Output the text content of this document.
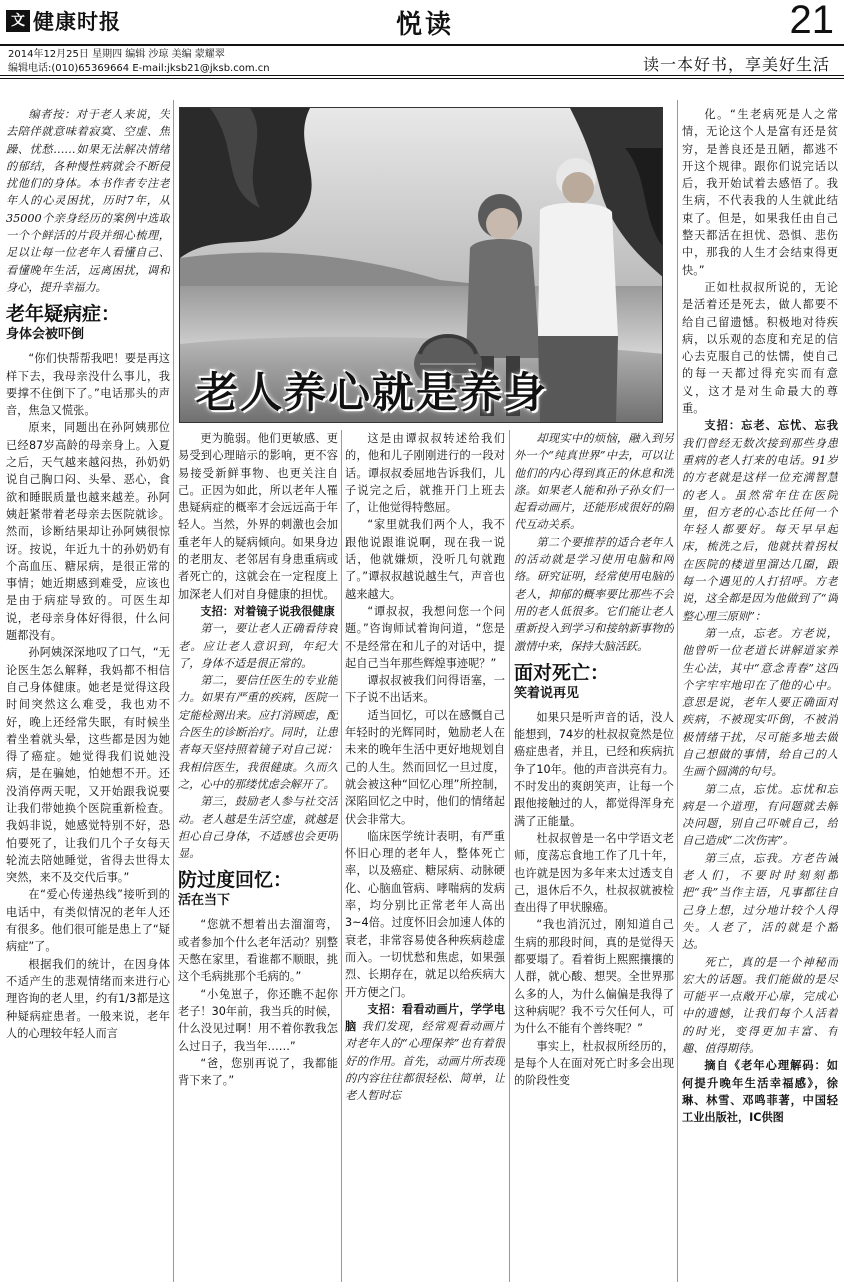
文 健康时报	悦读	21
2014年12月25日 星期四 编辑 沙琼 美编 蒙耀翠
编辑电话:(010)65369664 E-mail:jksb21@jksb.com.cn	读一本好书，享美好生活
老人养心就是养身

编者按：对于老人来说，失去陪伴就意味着寂寞、空虚、焦躁、忧愁……如果无法解决情绪的郁结，各种慢性病就会不断侵扰他们的身体。本书作者专注老年人的心灵困扰，历时7年，从35000个亲身经历的案例中选取一个个鲜活的片段并细心梳理，足以让每一位老年人看懂自己、看懂晚年生活，远离困扰，调和身心，提升幸福力。

老年疑病症：
身体会被吓倒

“你们快帮帮我吧！要是再这样下去，我母亲没什么事儿，我要撑不住倒下了。”电话那头的声音，焦急又慌张。

原来，同题出在孙阿姨那位已经87岁高龄的母亲身上。入夏之后，天气越来越闷热，孙奶奶说自己胸口闷、头晕、恶心，食欲和睡眠质量也越来越差。孙阿姨赶紧带着老母亲去医院就诊。然而，诊断结果却让孙阿姨很惊讶。按说，年近九十的孙奶奶有个高血压、糖尿病，是很正常的事情；她近期感到难受，应该也是由于病症导致的。可医生却说，老母亲身体好得很，什么问题都没有。

孙阿姨深深地叹了口气，“无论医生怎么解释，我妈都不相信自己身体健康。她老是觉得这段时间突然这么难受，我也劝不好，晚上还经常失眠，有时候坐着坐着就头晕，这些都是因为她得了癌症。她觉得我们说她没病，是在骗她，怕她想不开。还没消停两天呢，又开始跟我说要让我们带她换个医院重新检查。我妈非说，她感觉特别不好，恐怕要死了，让我们几个子女每天轮流去陪她睡觉，省得去世得太突然，来不及交代后事。”

在“爱心传递热线”接听到的电话中，有类似情况的老年人还有很多。他们很可能是患上了“疑病症”了。

根据我们的统计，在因身体不适产生的悲观情绪而来进行心理咨询的老人里，约有1/3都是这种疑病症患者。一般来说，老年人的心理较年轻人而言

更为脆弱。他们更敏感、更易受到心理暗示的影响，更不容易接受新鲜事物、也更关注自己。正因为如此，所以老年人罹患疑病症的概率才会远远高于年轻人。当然，外界的刺激也会加重老年人的疑病倾向。如果身边的老朋友、老邻居有身患重病或者死亡的，这就会在一定程度上加深老人们对自身健康的担忧。

支招：对着镜子说我很健康

第一，要让老人正确看待衰老。应让老人意识到，年纪大了，身体不适是很正常的。

第二，要信任医生的专业能力。如果有严重的疾病，医院一定能检测出来。应打消顾虑，配合医生的诊断治疗。同时，让患者每天坚持照着镜子对自己说：我相信医生，我很健康。久而久之，心中的那缕忧虑会解开了。

第三，鼓励老人参与社交活动。老人越是生活空虚，就越是担心自己身体，不适感也会更明显。

防过度回忆：
活在当下

“您就不想着出去溜溜弯，或者参加个什么老年活动？别整天憋在家里，看谁都不顺眼，挑这个毛病挑那个毛病的。”

“小兔崽子，你还瞧不起你老子！30年前，我当兵的时候，什么没见过啊！用不着你教我怎么过日子，我当年……”

“爸，您别再说了，我都能背下来了。”

这是由谭叔叔转述给我们的，他和儿子刚刚进行的一段对话。谭叔叔委屈地告诉我们，儿子说完之后，就推开门上班去了，让他觉得特憋屈。

“家里就我们两个人，我不跟他说跟谁说啊，现在我一说话，他就嫌烦，没听几句就跑了。”谭叔叔越说越生气，声音也越来越大。

“谭叔叔，我想问您一个问题。”咨询师试着询问道，“您是不是经常在和儿子的对话中，提起自己当年那些辉煌事迹呢？”

谭叔叔被我们问得语塞，一下子说不出话来。

适当回忆，可以在感慨自己年轻时的光辉同时，勉励老人在未来的晚年生活中更好地规划自己的人生。然而回忆一旦过度，就会被这种“回忆心理”所控制，深陷回忆之中时，他们的情绪起伏会非常大。

临床医学统计表明，有严重怀旧心理的老年人，整体死亡率，以及癌症、糖尿病、动脉硬化、心脑血管病、哮喘病的发病率，均分别比正常老年人高出3~4倍。过度怀旧会加速人体的衰老，非常容易使各种疾病趁虚而入。一切忧愁和焦虑，如果强烈、长期存在，就足以给疾病大开方便之门。

支招：看看动画片，学学电脑 我们发现，经常观看动画片对老年人的“心理保养”也有着很好的作用。首先，动画片所表现的内容往往都很轻松、简单，让老人暂时忘

却现实中的烦恼，融入到另外一个“纯真世界”中去，可以让他们的内心得到真正的休息和洗涤。如果老人能和孙子孙女们一起看动画片，还能形成很好的隔代互动关系。

第二个要推荐的适合老年人的活动就是学习使用电脑和网络。研究证明，经常使用电脑的老人，抑郁的概率要比那些不会用的老人低很多。它们能让老人重新投入到学习和接纳新事物的激情中来，保持大脑活跃。

面对死亡：
笑着说再见

如果只是听声音的话，没人能想到，74岁的杜叔叔竟然是位癌症患者，并且，已经和疾病抗争了10年。他的声音洪亮有力。不时发出的爽朗笑声，让每一个跟他接触过的人，都觉得浑身充满了正能量。

杜叔叔曾是一名中学语文老师，度荡忘食地工作了几十年，也许就是因为多年来太过透支自己，退休后不久，杜叔叔就被检查出得了甲状腺癌。

“我也消沉过，刚知道自己生病的那段时间，真的是觉得天都要塌了。看着街上熙熙攘攘的人群，就心酸、想哭。全世界那么多的人，为什么偏偏是我得了这种病呢？我不亏欠任何人，可为什么不能有个善终呢？”

事实上，杜叔叔所经历的，是每个人在面对死亡时多会出现的阶段性变

化。“生老病死是人之常情，无论这个人是富有还是贫穷，是善良还是丑陋，都逃不开这个规律。跟你们说完话以后，我开始试着去感悟了。我生病，不代表我的人生就此结束了。但是，如果我任由自己整天都活在担忧、恐惧、悲伤中，那我的人生才会结束得更快。”

正如杜叔叔所说的，无论是活着还是死去，做人都要不给自己留遗憾。积极地对待疾病，以乐观的态度和充足的信心去克服自己的怯懦，使自己的每一天都过得充实而有意义，这才是对生命最大的尊重。

支招：忘老、忘忧、忘我 我们曾经无数次接到那些身患重病的老人打来的电话。91岁的方老就是这样一位充满智慧的老人。虽然常年住在医院里，但方老的心态比任何一个年轻人都要好。每天早早起床，梳洗之后，他就扶着拐杖在医院的楼道里溜达几圈，跟每一个遇见的人打招呼。方老说，这全都是因为他做到了“调整心理三原则”：

第一点，忘老。方老说，他曾听一位老道长讲解道家养生心法，其中“意念青春”这四个字牢牢地印在了他的心中。意思是说，老年人要正确面对疾病，不被现实吓倒，不被消极情绪干扰，尽可能多地去做自己想做的事情，给自己的人生画个圆满的句号。

第二点，忘忧。忘忧和忘病是一个道理，有问题就去解决问题，别自己吓唬自己，给自己造成“二次伤害”。

第三点，忘我。方老告诫老人们，不要时时刻刻都把“我”当作主语，凡事都往自己身上想，过分地计较个人得失。人老了，活的就是个豁达。

死亡，真的是一个神秘而宏大的话题。我们能做的是尽可能平一点敞开心扉，完成心中的遗憾，让我们每个人活着的时光，变得更加丰富、有趣、值得期待。

摘自《老年心理解码：如何提升晚年生活幸福感》，徐琳、林雪、邓鸣菲著，中国轻工业出版社，IC供图
